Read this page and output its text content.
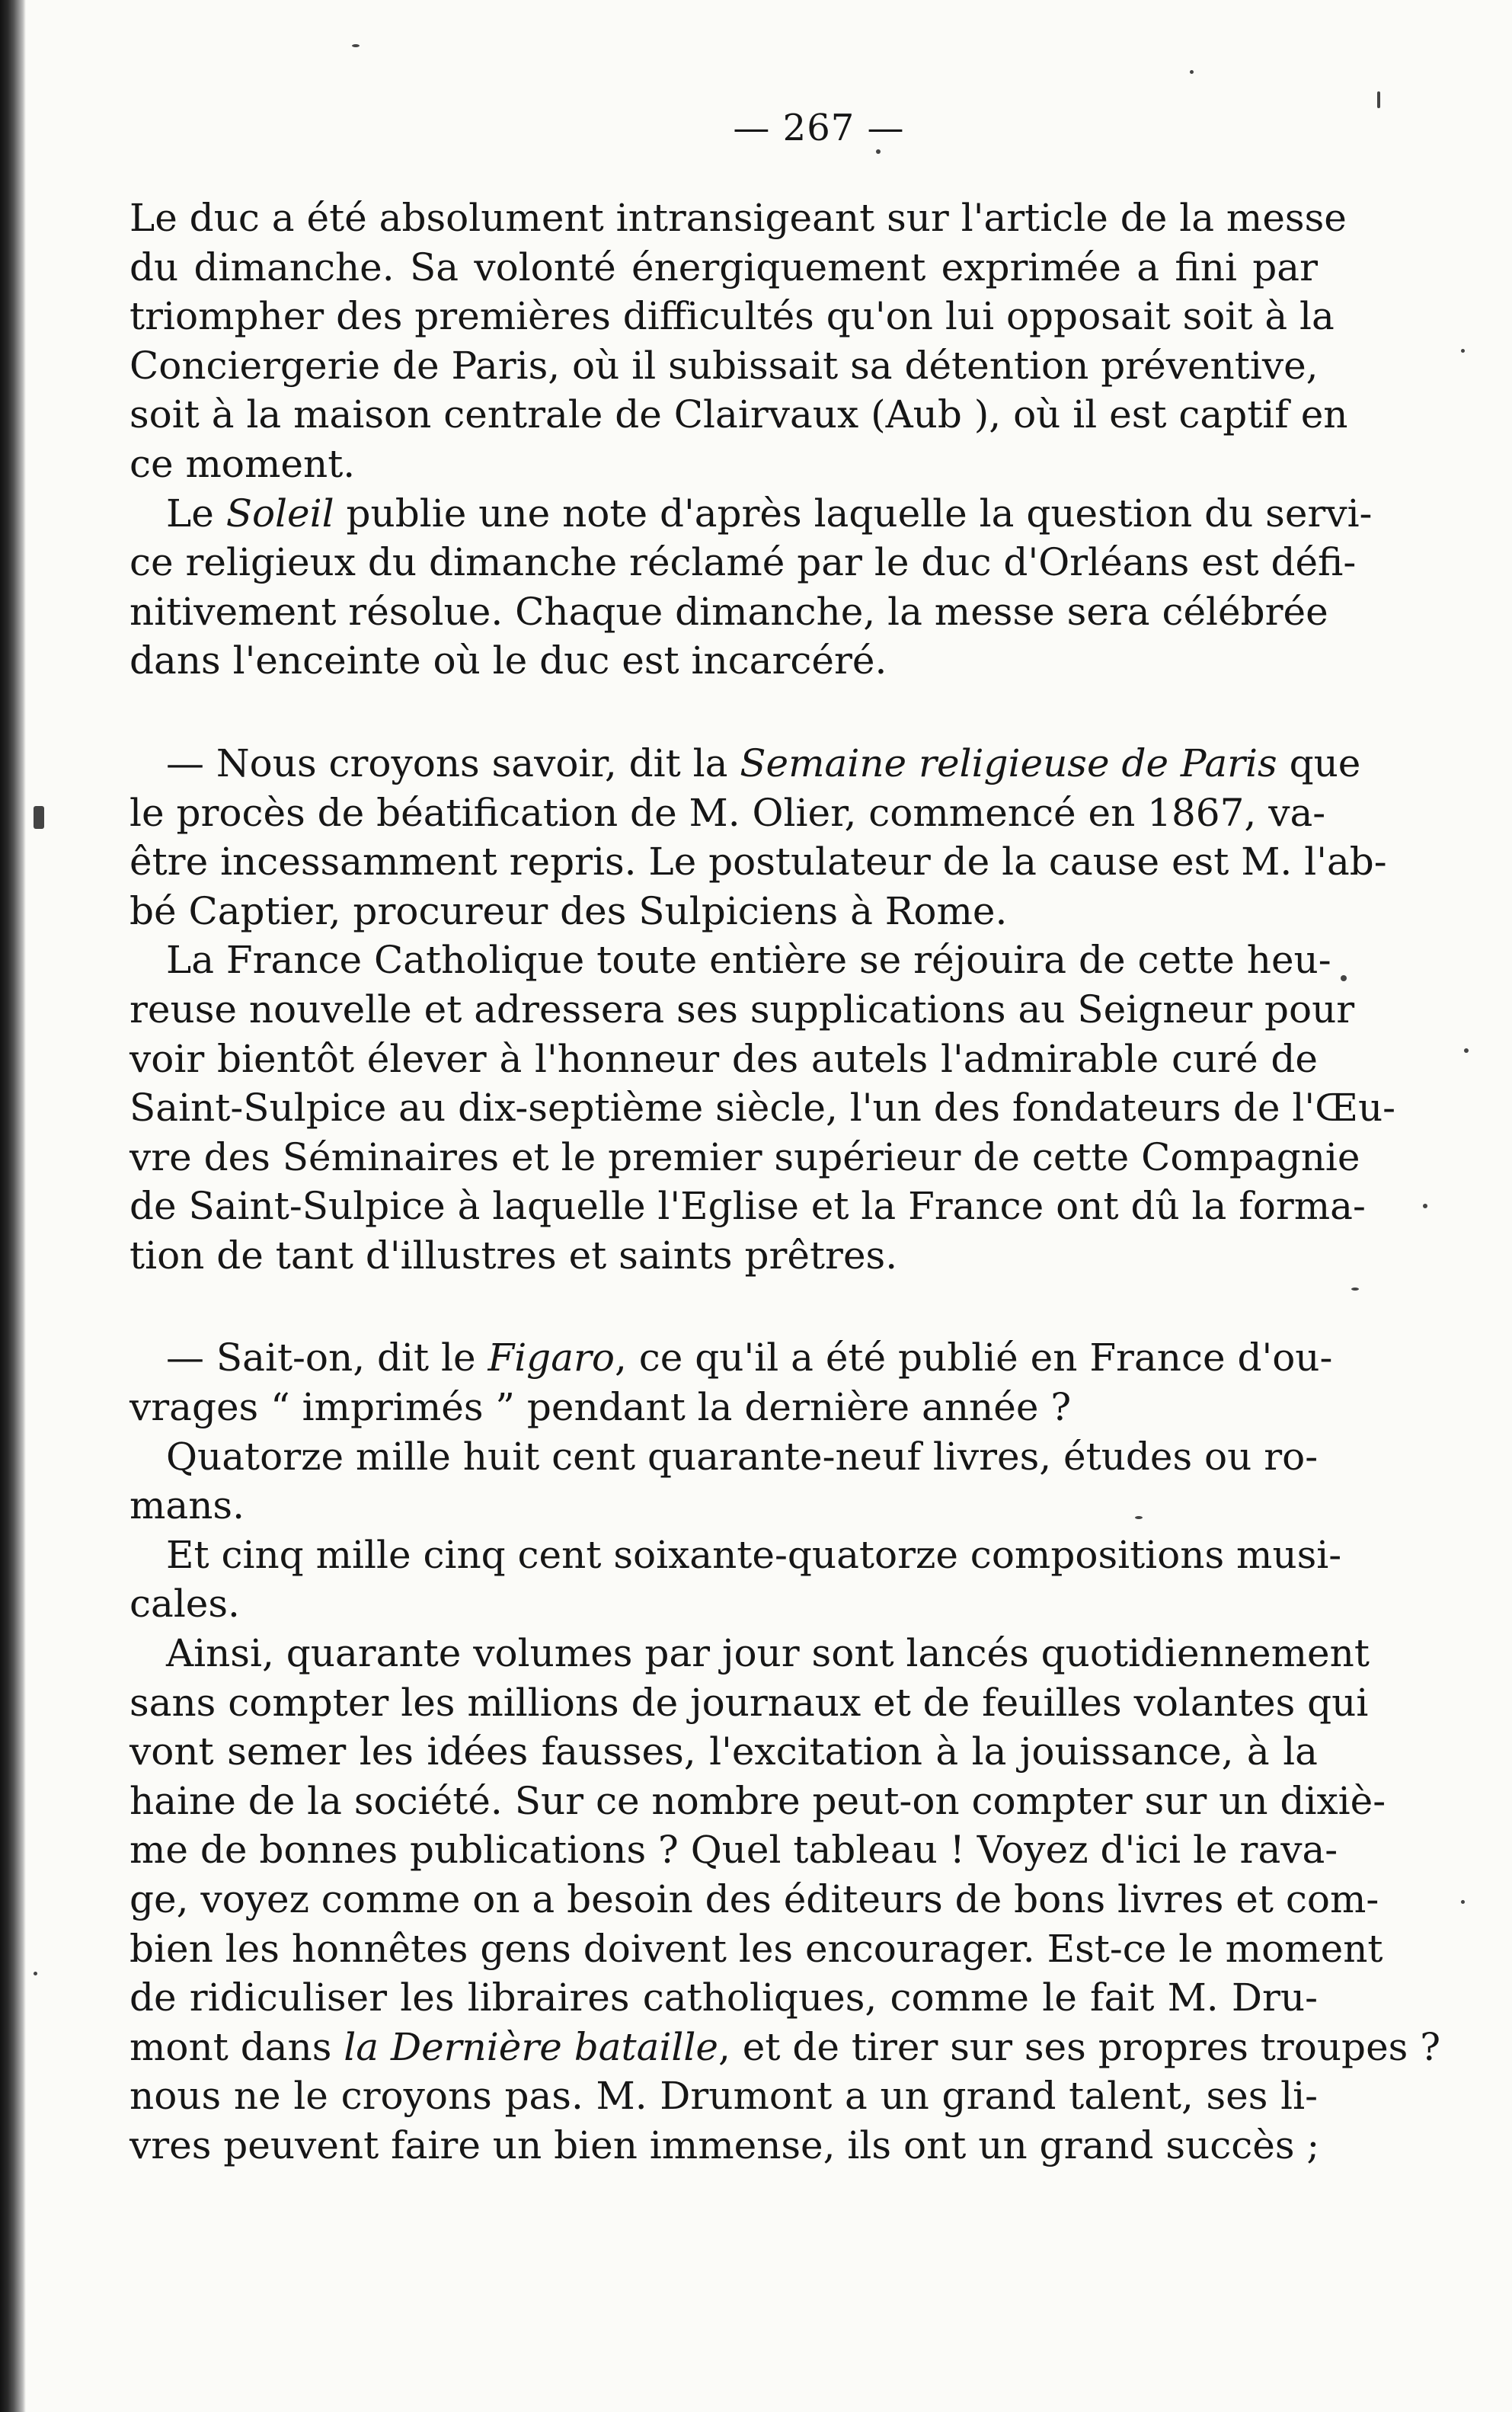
— 267 —
Le duc a été absolument intransigeant sur l'article de la messe
du dimanche. Sa volonté énergiquement exprimée a fini par
triompher des premières difficultés qu'on lui opposait soit à la
Conciergerie de Paris, où il subissait sa détention préventive,
soit à la maison centrale de Clairvaux (Aub ), où il est captif en
ce moment.
Le Soleil publie une note d'après laquelle la question du servi-
ce religieux du dimanche réclamé par le duc d'Orléans est défi-
nitivement résolue. Chaque dimanche, la messe sera célébrée
dans l'enceinte où le duc est incarcéré.
— Nous croyons savoir, dit la Semaine religieuse de Paris que
le procès de béatification de M. Olier, commencé en 1867, va-
être incessamment repris. Le postulateur de la cause est M. l'ab-
bé Captier, procureur des Sulpiciens à Rome.
La France Catholique toute entière se réjouira de cette heu-
reuse nouvelle et adressera ses supplications au Seigneur pour
voir bientôt élever à l'honneur des autels l'admirable curé de
Saint-Sulpice au dix-septième siècle, l'un des fondateurs de l'Œu-
vre des Séminaires et le premier supérieur de cette Compagnie
de Saint-Sulpice à laquelle l'Eglise et la France ont dû la forma-
tion de tant d'illustres et saints prêtres.
— Sait-on, dit le Figaro, ce qu'il a été publié en France d'ou-
vrages “ imprimés ” pendant la dernière année ?
Quatorze mille huit cent quarante-neuf livres, études ou ro-
mans.
Et cinq mille cinq cent soixante-quatorze compositions musi-
cales.
Ainsi, quarante volumes par jour sont lancés quotidiennement
sans compter les millions de journaux et de feuilles volantes qui
vont semer les idées fausses, l'excitation à la jouissance, à la
haine de la société. Sur ce nombre peut-on compter sur un dixiè-
me de bonnes publications ? Quel tableau ! Voyez d'ici le rava-
ge, voyez comme on a besoin des éditeurs de bons livres et com-
bien les honnêtes gens doivent les encourager. Est-ce le moment
de ridiculiser les libraires catholiques, comme le fait M. Dru-
mont dans la Dernière bataille, et de tirer sur ses propres troupes ?
nous ne le croyons pas. M. Drumont a un grand talent, ses li-
vres peuvent faire un bien immense, ils ont un grand succès ;
